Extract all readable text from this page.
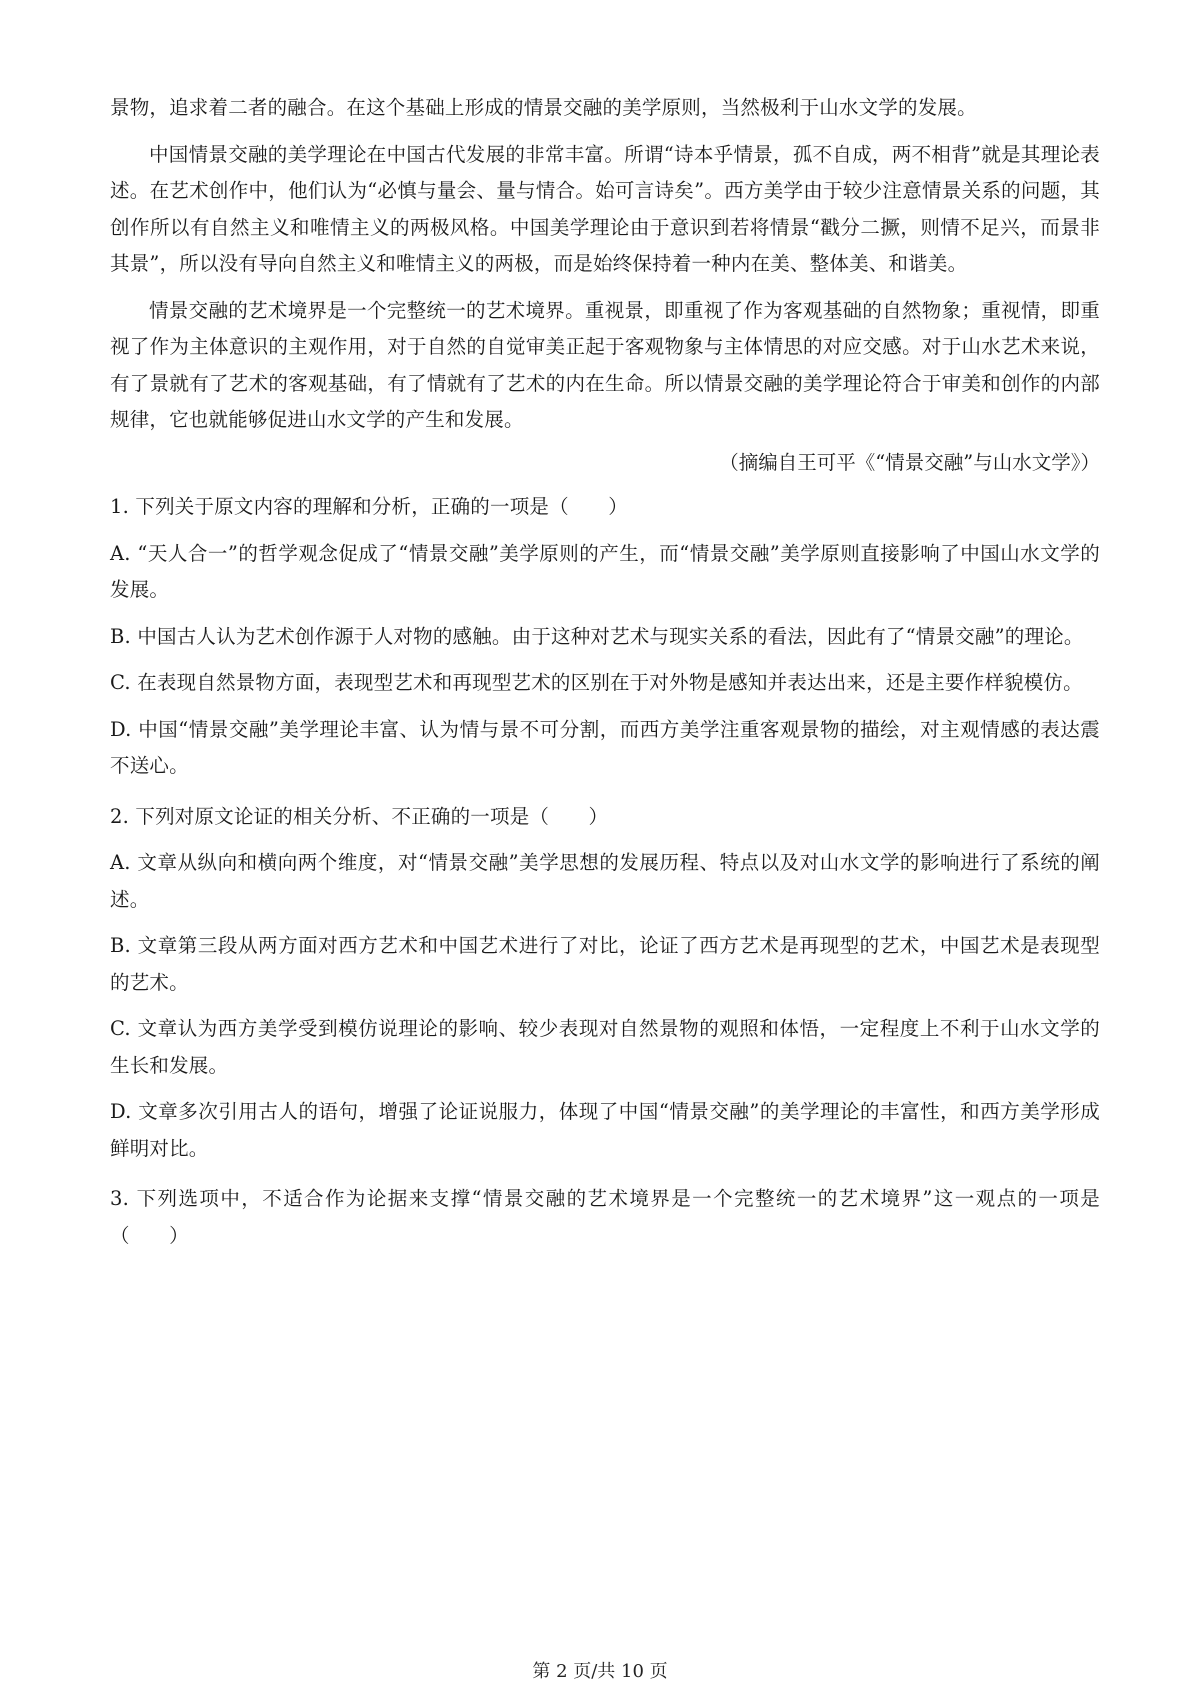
景物，追求着二者的融合。在这个基础上形成的情景交融的美学原则，当然极利于山水文学的发展。

中国情景交融的美学理论在中国古代发展的非常丰富。所谓“诗本乎情景，孤不自成，两不相背”就是其理论表述。在艺术创作中，他们认为“必慎与量会、量与情合。始可言诗矣”。西方美学由于较少注意情景关系的问题，其创作所以有自然主义和唯情主义的两极风格。中国美学理论由于意识到若将情景“戳分二撅，则情不足兴，而景非其景”，所以没有导向自然主义和唯情主义的两极，而是始终保持着一种内在美、整体美、和谐美。

情景交融的艺术境界是一个完整统一的艺术境界。重视景，即重视了作为客观基础的自然物象；重视情，即重视了作为主体意识的主观作用，对于自然的自觉审美正起于客观物象与主体情思的对应交感。对于山水艺术来说，有了景就有了艺术的客观基础，有了情就有了艺术的内在生命。所以情景交融的美学理论符合于审美和创作的内部规律，它也就能够促进山水文学的产生和发展。

（摘编自王可平《“情景交融”与山水文学》）

1. 下列关于原文内容的理解和分析，正确的一项是（　　）

A. “天人合一”的哲学观念促成了“情景交融”美学原则的产生，而“情景交融”美学原则直接影响了中国山水文学的发展。

B. 中国古人认为艺术创作源于人对物的感触。由于这种对艺术与现实关系的看法，因此有了“情景交融”的理论。

C. 在表现自然景物方面，表现型艺术和再现型艺术的区别在于对外物是感知并表达出来，还是主要作样貌模仿。

D. 中国“情景交融”美学理论丰富、认为情与景不可分割，而西方美学注重客观景物的描绘，对主观情感的表达震不送心。

2. 下列对原文论证的相关分析、不正确的一项是（　　）

A. 文章从纵向和横向两个维度，对“情景交融”美学思想的发展历程、特点以及对山水文学的影响进行了系统的阐述。

B. 文章第三段从两方面对西方艺术和中国艺术进行了对比，论证了西方艺术是再现型的艺术，中国艺术是表现型的艺术。

C. 文章认为西方美学受到模仿说理论的影响、较少表现对自然景物的观照和体悟，一定程度上不利于山水文学的生长和发展。

D. 文章多次引用古人的语句，增强了论证说服力，体现了中国“情景交融”的美学理论的丰富性，和西方美学形成鲜明对比。

3. 下列选项中，不适合作为论据来支撑“情景交融的艺术境界是一个完整统一的艺术境界”这一观点的一项是（　　）

第 2 页/共 10 页
